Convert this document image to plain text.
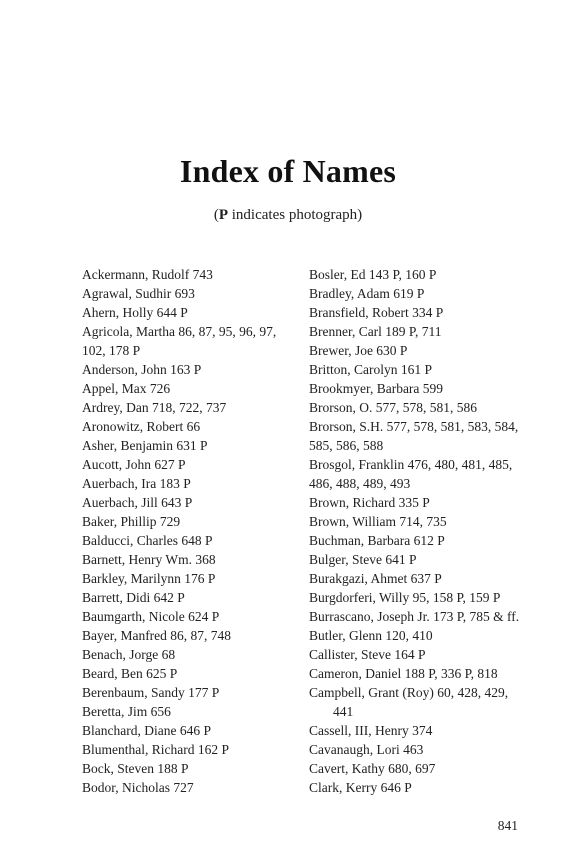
Index of Names
(P indicates photograph)
Ackermann, Rudolf 743
Agrawal, Sudhir 693
Ahern, Holly 644 P
Agricola, Martha 86, 87, 95, 96, 97,
102, 178 P
Anderson, John 163 P
Appel, Max 726
Ardrey, Dan 718, 722, 737
Aronowitz, Robert 66
Asher, Benjamin 631 P
Aucott, John 627 P
Auerbach, Ira 183 P
Auerbach, Jill 643 P
Baker, Phillip 729
Balducci, Charles 648 P
Barnett, Henry Wm. 368
Barkley, Marilynn 176 P
Barrett, Didi 642 P
Baumgarth, Nicole 624 P
Bayer, Manfred 86, 87, 748
Benach, Jorge 68
Beard, Ben 625 P
Berenbaum, Sandy 177 P
Beretta, Jim 656
Blanchard, Diane 646 P
Blumenthal, Richard 162 P
Bock, Steven 188 P
Bodor, Nicholas 727
Bosler, Ed 143 P, 160 P
Bradley, Adam 619 P
Bransfield, Robert 334 P
Brenner, Carl 189 P, 711
Brewer, Joe 630 P
Britton, Carolyn 161 P
Brookmyer, Barbara 599
Brorson, O. 577, 578, 581, 586
Brorson, S.H. 577, 578, 581, 583, 584,
585, 586, 588
Brosgol, Franklin 476, 480, 481, 485,
486, 488, 489, 493
Brown, Richard 335 P
Brown, William 714, 735
Buchman, Barbara 612 P
Bulger, Steve 641 P
Burakgazi, Ahmet 637 P
Burgdorferi, Willy 95, 158 P, 159 P
Burrascano, Joseph Jr. 173 P, 785 & ff.
Butler, Glenn 120, 410
Callister, Steve 164 P
Cameron, Daniel 188 P, 336 P, 818
Campbell, Grant (Roy) 60, 428, 429,
441
Cassell, III, Henry 374
Cavanaugh, Lori 463
Cavert, Kathy 680, 697
Clark, Kerry 646 P
841
